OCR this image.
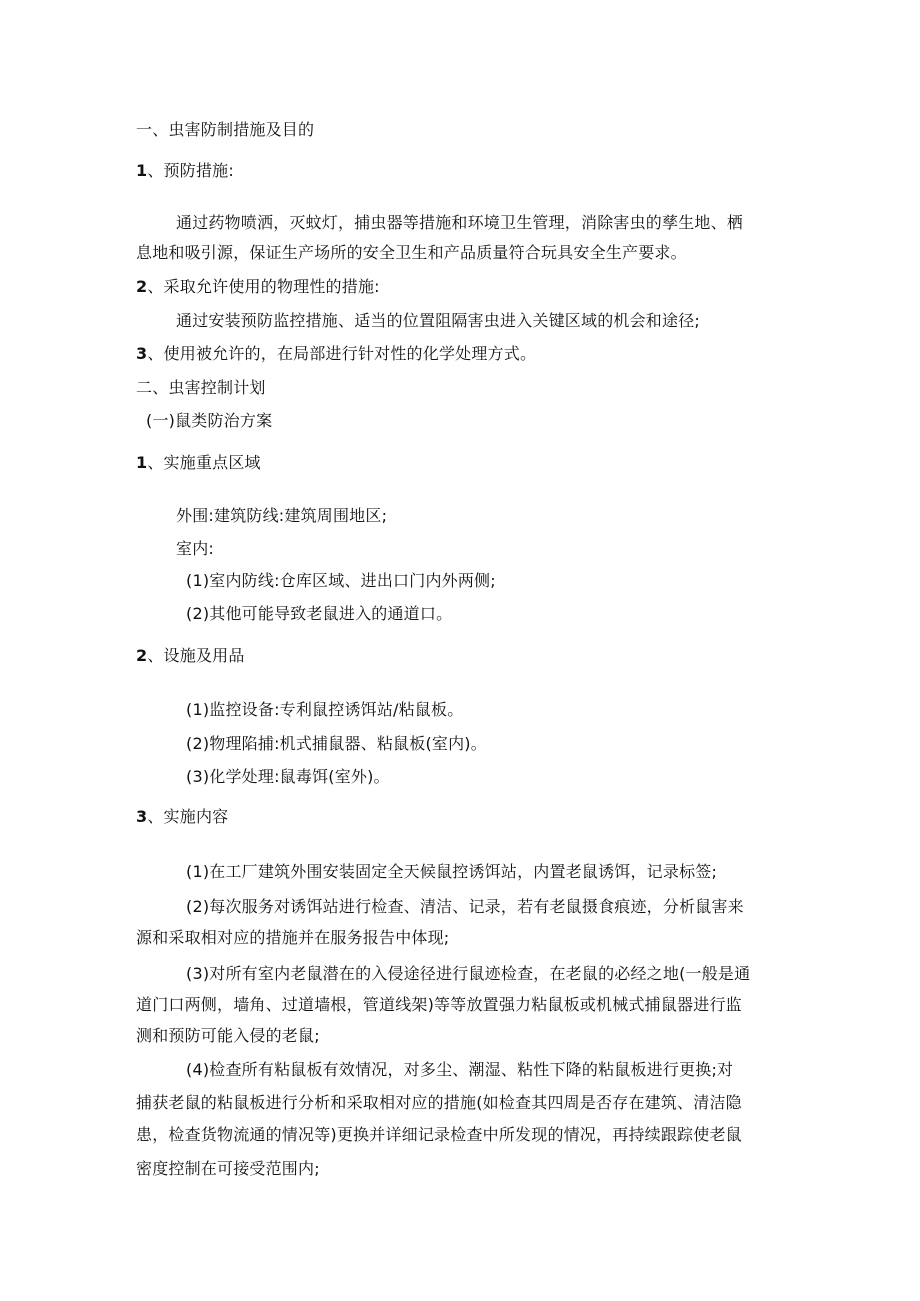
一、虫害防制措施及目的
1、预防措施:
通过药物喷洒，灭蚊灯，捕虫器等措施和环境卫生管理，消除害虫的孳生地、栖
息地和吸引源，保证生产场所的安全卫生和产品质量符合玩具安全生产要求。
2、采取允许使用的物理性的措施:
通过安装预防监控措施、适当的位置阻隔害虫进入关键区域的机会和途径;
3、使用被允许的，在局部进行针对性的化学处理方式。
二、虫害控制计划
(一)鼠类防治方案
1、实施重点区域
外围:建筑防线:建筑周围地区;
室内:
(1)室内防线:仓库区域、进出口门内外两侧;
(2)其他可能导致老鼠进入的通道口。
2、设施及用品
(1)监控设备:专利鼠控诱饵站/粘鼠板。
(2)物理陷捕:机式捕鼠器、粘鼠板(室内)。
(3)化学处理:鼠毒饵(室外)。
3、实施内容
(1)在工厂建筑外围安装固定全天候鼠控诱饵站，内置老鼠诱饵，记录标签;
(2)每次服务对诱饵站进行检查、清洁、记录，若有老鼠摄食痕迹，分析鼠害来
源和采取相对应的措施并在服务报告中体现;
(3)对所有室内老鼠潜在的入侵途径进行鼠迹检查，在老鼠的必经之地(一般是通
道门口两侧，墙角、过道墙根，管道线架)等等放置强力粘鼠板或机械式捕鼠器进行监
测和预防可能入侵的老鼠;
(4)检查所有粘鼠板有效情况，对多尘、潮湿、粘性下降的粘鼠板进行更换;对
捕获老鼠的粘鼠板进行分析和采取相对应的措施(如检查其四周是否存在建筑、清洁隐
患，检查货物流通的情况等)更换并详细记录检查中所发现的情况，再持续跟踪使老鼠
密度控制在可接受范围内;
